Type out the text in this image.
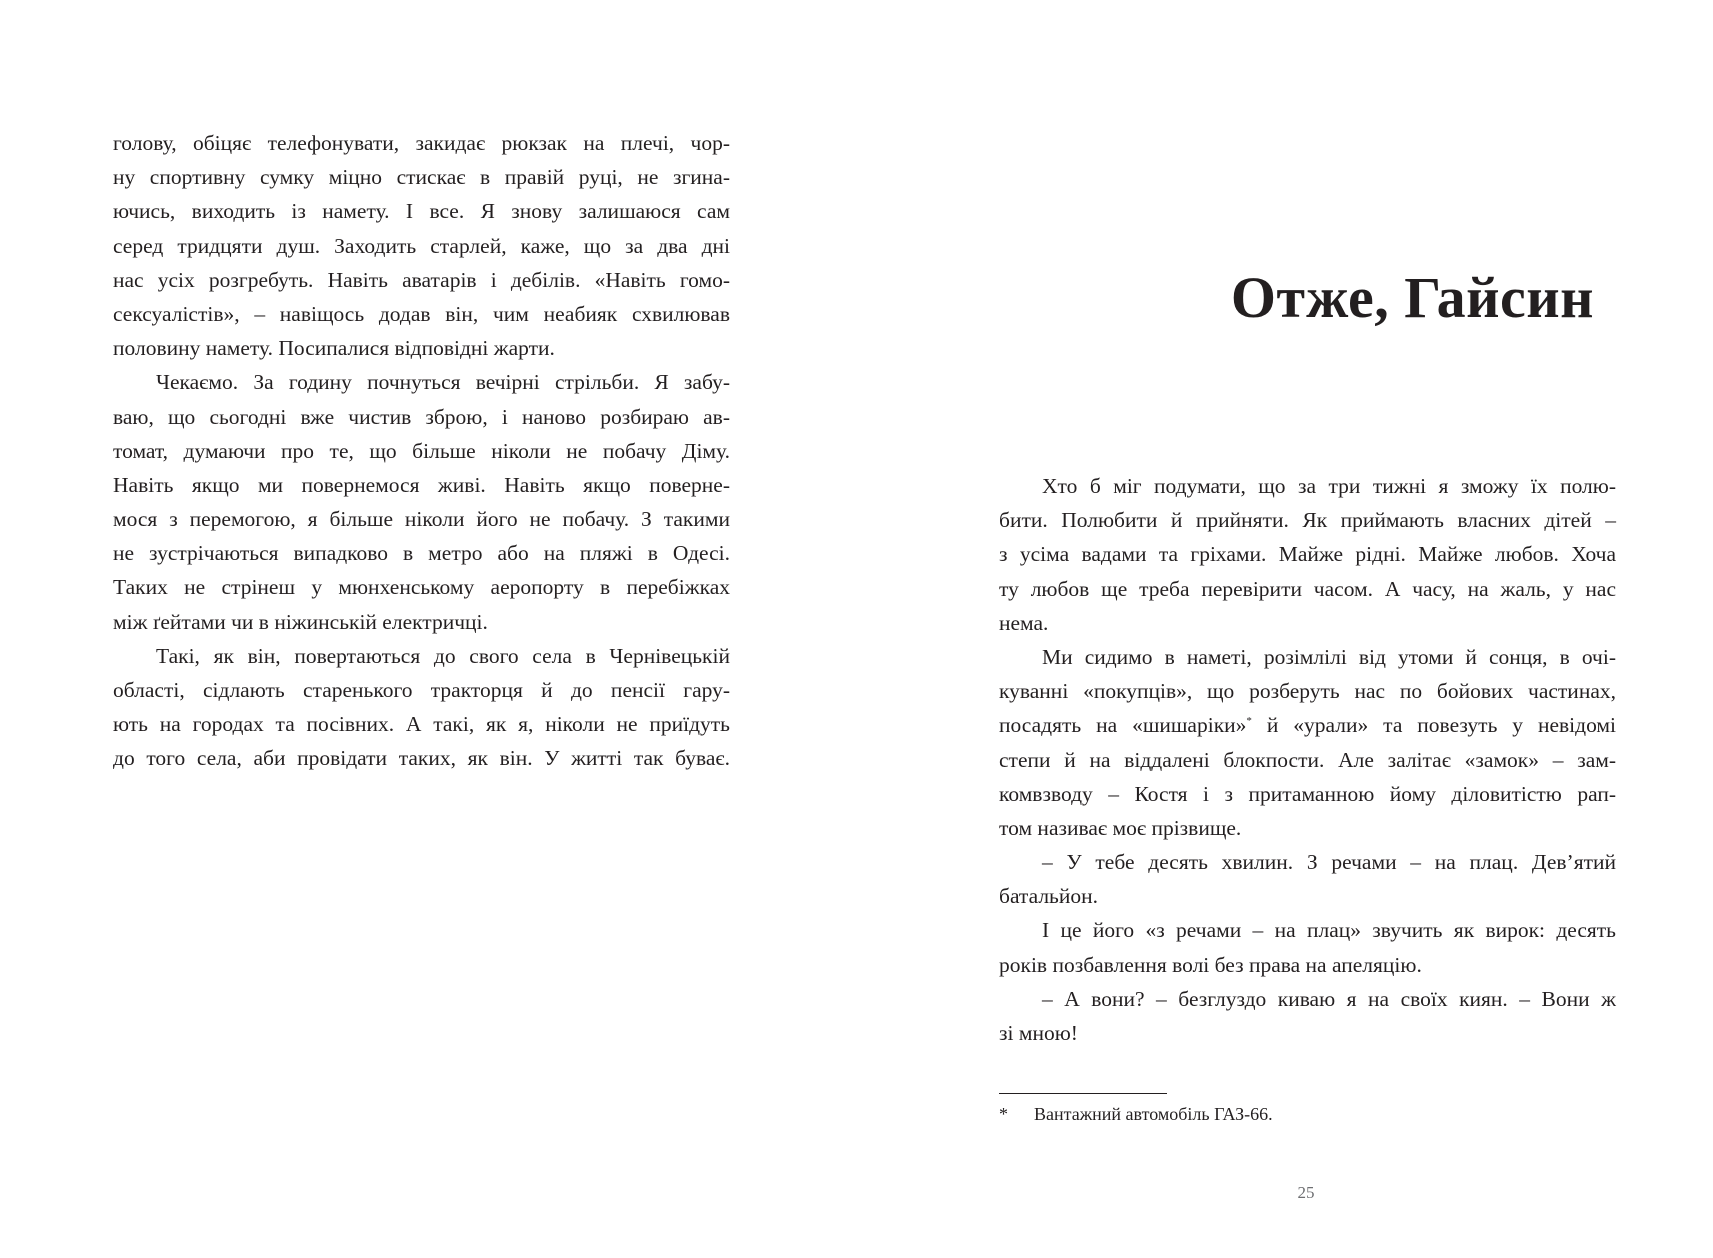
голову, обіцяє телефонувати, закидає рюкзак на плечі, чор-
ну спортивну сумку міцно стискає в правій руці, не згина-
ючись, виходить із намету. І все. Я знову залишаюся сам
серед тридцяти душ. Заходить старлей, каже, що за два дні
нас усіх розгребуть. Навіть аватарів і дебілів. «Навіть гомо-
сексуалістів», – навіщось додав він, чим неабияк схвилював
половину намету. Посипалися відповідні жарти.
Чекаємо. За годину почнуться вечірні стрільби. Я забу-
ваю, що сьогодні вже чистив зброю, і наново розбираю ав-
томат, думаючи про те, що більше ніколи не побачу Діму.
Навіть якщо ми повернемося живі. Навіть якщо поверне-
мося з перемогою, я більше ніколи його не побачу. З такими
не зустрічаються випадково в метро або на пляжі в Одесі.
Таких не стрінеш у мюнхенському аеропорту в перебіжках
між ґейтами чи в ніжинській електричці.
Такі, як він, повертаються до свого села в Чернівецькій
області, сідлають старенького тракторця й до пенсії гару-
ють на городах та посівних. А такі, як я, ніколи не приїдуть
до того села, аби провідати таких, як він. У житті так буває.
Отже, Гайсин
Хто б міг подумати, що за три тижні я зможу їх полю-
бити. Полюбити й прийняти. Як приймають власних дітей –
з усіма вадами та гріхами. Майже рідні. Майже любов. Хоча
ту любов ще треба перевірити часом. А часу, на жаль, у нас
нема.
Ми сидимо в наметі, розімлілі від утоми й сонця, в очі-
куванні «покупців», що розберуть нас по бойових частинах,
посадять на «шишаріки»* й «урали» та повезуть у невідомі
степи й на віддалені блокпости. Але залітає «замок» – зам-
комвзводу – Костя і з притаманною йому діловитістю рап-
том називає моє прізвище.
– У тебе десять хвилин. З речами – на плац. Дев’ятий
батальйон.
І це його «з речами – на плац» звучить як вирок: десять
років позбавлення волі без права на апеляцію.
– А вони? – безглуздо киваю я на своїх киян. – Вони ж
зі мною!
* Вантажний автомобіль ГАЗ-66.
25
